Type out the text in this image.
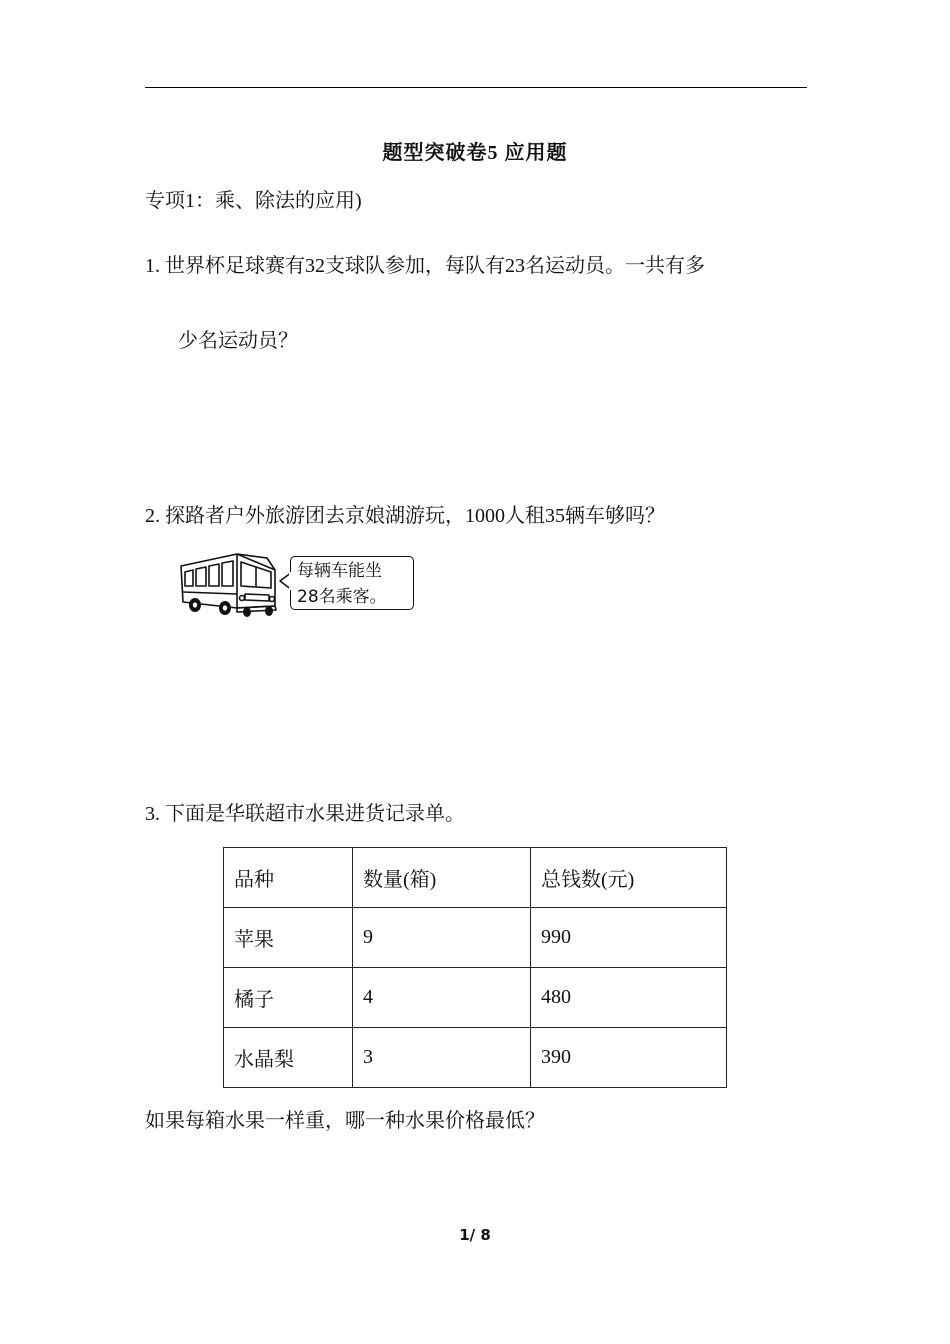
题型突破卷5 应用题
专项1：乘、除法的应用)
1. 世界杯足球赛有32支球队参加，每队有23名运动员。一共有多
少名运动员？
2. 探路者户外旅游团去京娘湖游玩，1000人租35辆车够吗？
每辆车能坐
28名乘客。
3. 下面是华联超市水果进货记录单。
品种	数量(箱)	总钱数(元)
苹果	9	990
橘子	4	480
水晶梨	3	390
如果每箱水果一样重，哪一种水果价格最低？
1/ 8
